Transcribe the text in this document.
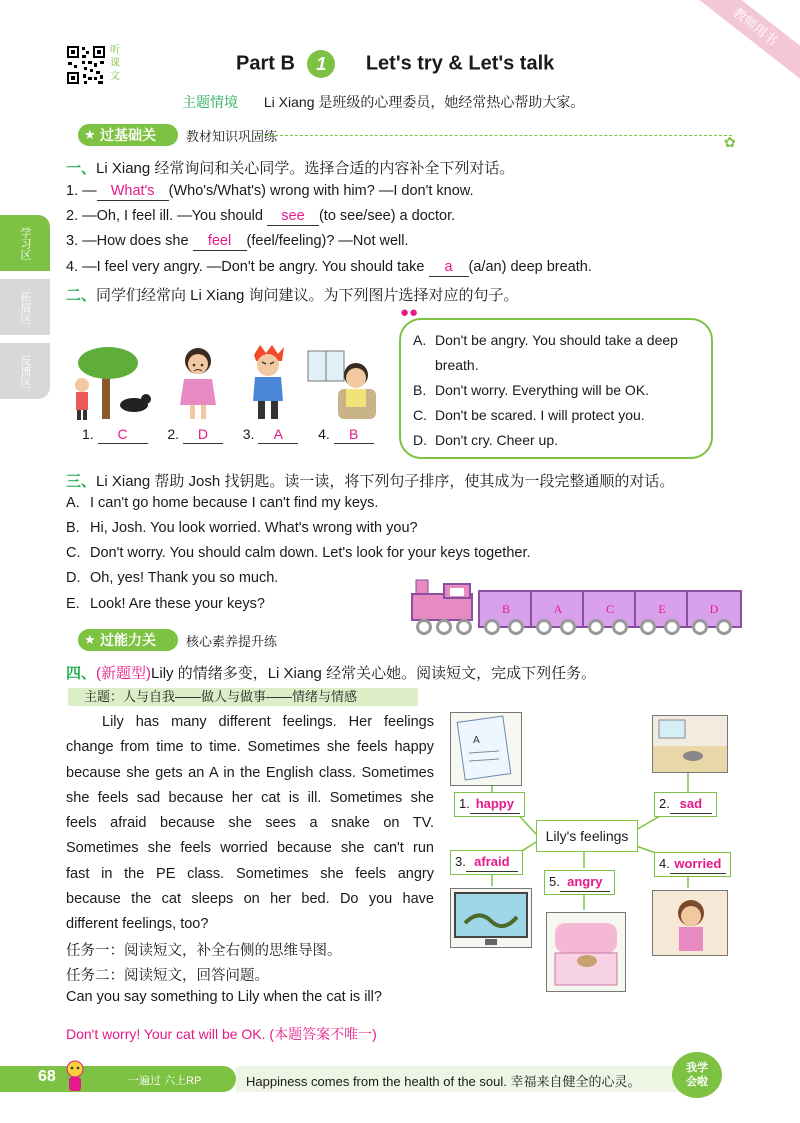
教师用书
听课文
Part B 1 Let's try & Let's talk
主题情境 Li Xiang 是班级的心理委员，她经常热心帮助大家。
学习区
拓展区
反馈区
★ 过基础关	教材知识巩固练	✿
一、Li Xiang 经常询问和关心同学。选择合适的内容补全下列对话。
1. — What's (Who's/What's) wrong with him? —I don't know.
2. —Oh, I feel ill. —You should see (to see/see) a doctor.
3. —How does she feel (feel/feeling)? —Not well.
4. —I feel very angry. —Don't be angry. You should take a (a/an) deep breath.
二、同学们经常向 Li Xiang 询问建议。为下列图片选择对应的句子。
1. C	2. D 3. A	4. B
●●
A. Don't be angry. You should take a deep
breath.
B. Don't worry. Everything will be OK.
C. Don't be scared. I will protect you.
D. Don't cry. Cheer up.
三、Li Xiang 帮助 Josh 找钥匙。读一读，将下列句子排序，使其成为一段完整通顺的对话。
A. I can't go home because I can't find my keys.
B. Hi, Josh. You look worried. What's wrong with you?
C. Don't worry. You should calm down. Let's look for your keys together.
D. Oh, yes! Thank you so much.
E. Look! Are these your keys?	B	A	C	E	D
★ 过能力关	核心素养提升练
四、(新题型)Lily 的情绪多变，Li Xiang 经常关心她。阅读短文，完成下列任务。
主题：人与自我——做人与做事——情绪与情感
Lily has many different feelings. Her feelings
change from time to time. Sometimes she feels happy
because she gets an A in the English class. Sometimes
she feels sad because her cat is ill. Sometimes she
feels afraid because she sees a snake on TV.
Sometimes she feels worried because she can't run
fast in the PE class. Sometimes she feels angry
because the cat sleeps on her bed. Do you have
different feelings, too?
任务一：阅读短文，补全右侧的思维导图。
任务二：阅读短文，回答问题。
Can you say something to Lily when the cat is ill?
Don't worry! Your cat will be OK. (本题答案不唯一)
A
Lily's feelings
1. happy	2. sad
3. afraid	4. worried
5. angry
68	一遍过 六上RP	Happiness comes from the health of the soul. 幸福来自健全的心灵。
我学会啦
